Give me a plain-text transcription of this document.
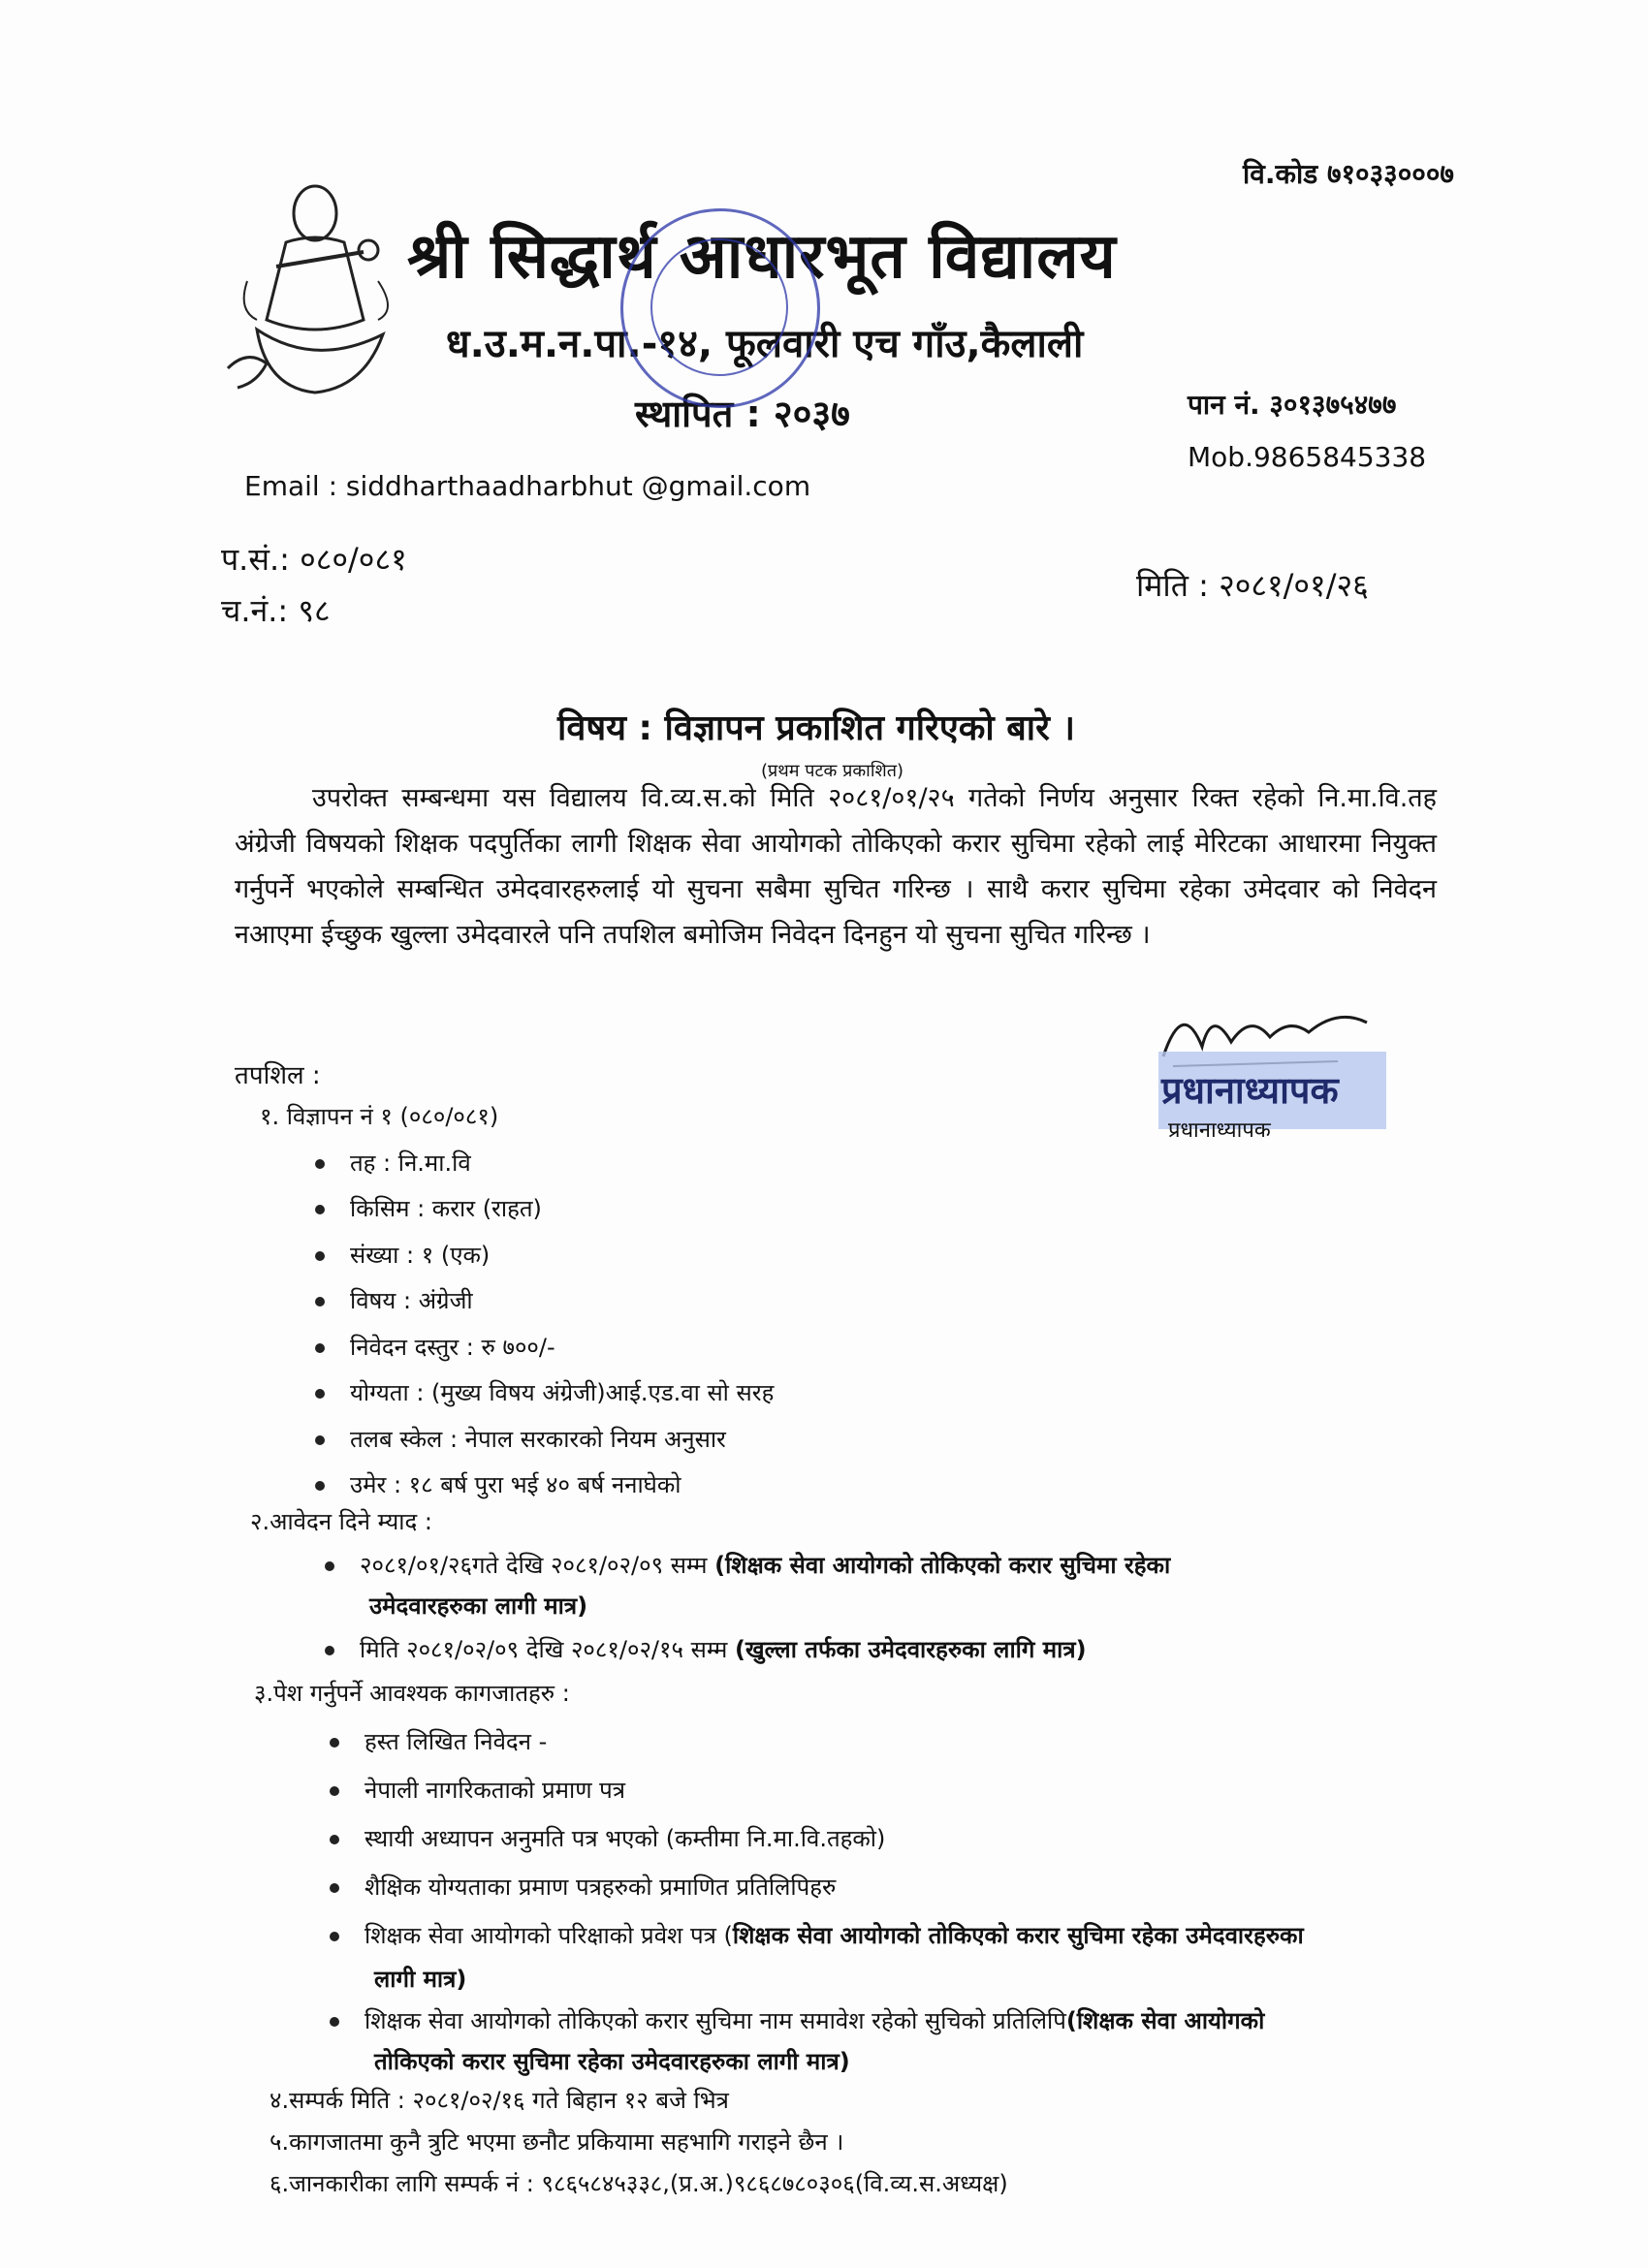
वि.कोड ७१०३३०००७
श्री सिद्धार्थ आधारभूत विद्यालय
ध.उ.म.न.पा.-१४, फूलवारी एच गाँउ,कैलाली
स्थापित : २०३७	पान नं. ३०१३७५४७७
Email : siddharthaadharbhut @gmail.com
Mob.9865845338
प.सं.: ०८०/०८१
च.नं.: ९८
मिति : २०८१/०१/२६
विषय : विज्ञापन प्रकाशित गरिएको बारे ।
(प्रथम पटक प्रकाशित)
उपरोक्त सम्बन्धमा यस विद्यालय वि.व्य.स.को मिति २०८१/०१/२५ गतेको निर्णय अनुसार रिक्त रहेको नि.मा.वि.तह अंग्रेजी विषयको शिक्षक पदपुर्तिका लागी शिक्षक सेवा आयोगको तोकिएको करार सुचिमा रहेको लाई मेरिटका आधारमा नियुक्त गर्नुपर्ने भएकोले सम्बन्धित उमेदवारहरुलाई यो सुचना सबैमा सुचित गरिन्छ । साथै करार सुचिमा रहेका उमेदवार को निवेदन नआएमा ईच्छुक खुल्ला उमेदवारले पनि तपशिल बमोजिम निवेदन दिनहुन यो सुचना सुचित गरिन्छ ।
प्रधानाध्यापक
प्रधानाध्यापक
तपशिल :
१. विज्ञापन नं १ (०८०/०८१)
तह : नि.मा.वि
किसिम : करार (राहत)
संख्या : १ (एक)
विषय : अंग्रेजी
निवेदन दस्तुर : रु ७००/-
योग्यता : (मुख्य विषय अंग्रेजी)आई.एड.वा सो सरह
तलब स्केल : नेपाल सरकारको नियम अनुसार
उमेर : १८ बर्ष पुरा भई ४० बर्ष ननाघेको
२.आवेदन दिने म्याद :
२०८१/०१/२६गते देखि २०८१/०२/०९ सम्म (शिक्षक सेवा आयोगको तोकिएको करार सुचिमा रहेका
उमेदवारहरुका लागी मात्र)
मिति २०८१/०२/०९ देखि २०८१/०२/१५ सम्म (खुल्ला तर्फका उमेदवारहरुका लागि मात्र)
३.पेश गर्नुपर्ने आवश्यक कागजातहरु :
हस्त लिखित निवेदन -
नेपाली नागरिकताको प्रमाण पत्र
स्थायी अध्यापन अनुमति पत्र भएको (कम्तीमा नि.मा.वि.तहको)
शैक्षिक योग्यताका प्रमाण पत्रहरुको प्रमाणित प्रतिलिपिहरु
शिक्षक सेवा आयोगको परिक्षाको प्रवेश पत्र (शिक्षक सेवा आयोगको तोकिएको करार सुचिमा रहेका उमेदवारहरुका
लागी मात्र)
शिक्षक सेवा आयोगको तोकिएको करार सुचिमा नाम समावेश रहेको सुचिको प्रतिलिपि(शिक्षक सेवा आयोगको
तोकिएको करार सुचिमा रहेका उमेदवारहरुका लागी मात्र)
४.सम्पर्क मिति : २०८१/०२/१६ गते बिहान १२ बजे भित्र
५.कागजातमा कुनै त्रुटि भएमा छनौट प्रकियामा सहभागि गराइने छैन ।
६.जानकारीका लागि सम्पर्क नं : ९८६५८४५३३८,(प्र.अ.)९८६८७८०३०६(वि.व्य.स.अध्यक्ष)
